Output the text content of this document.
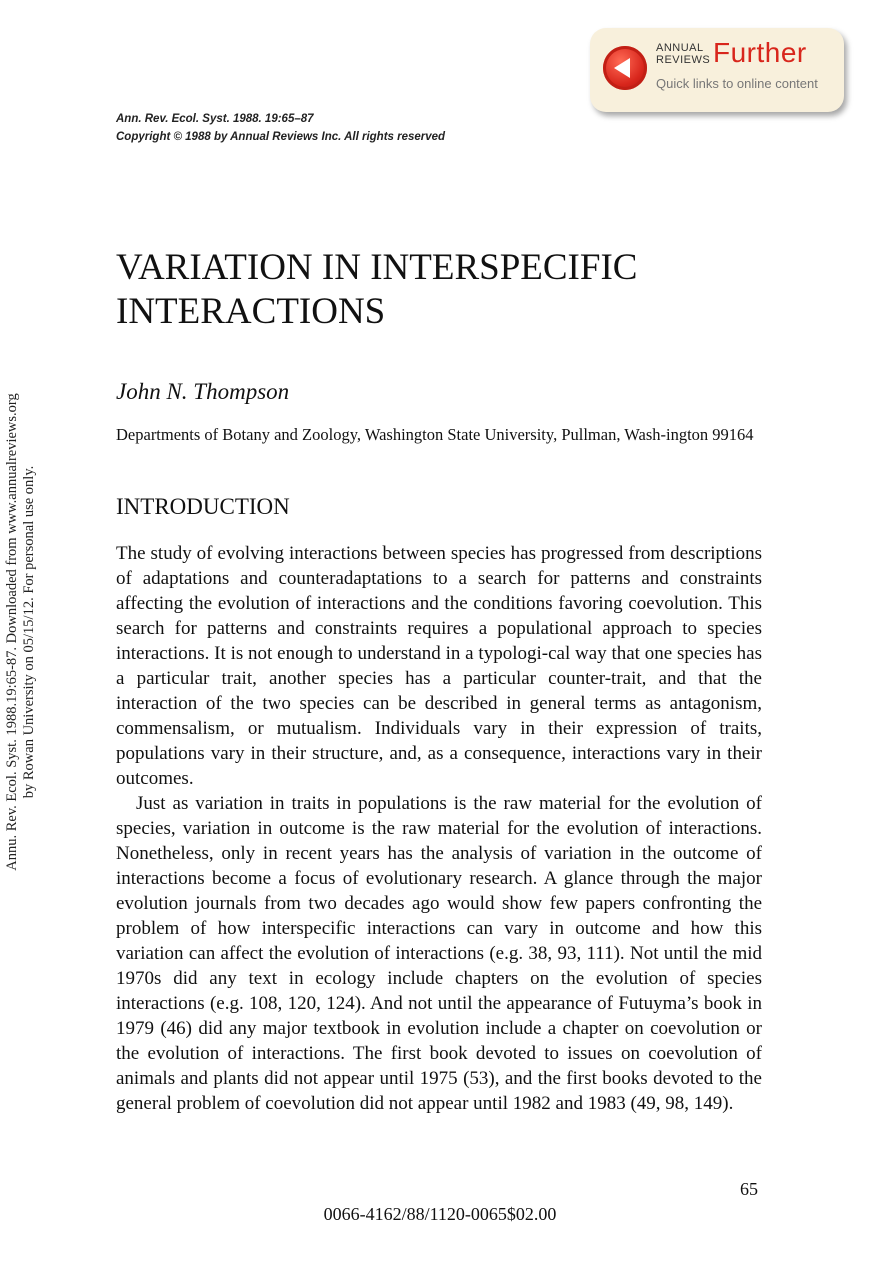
ANNUAL
REVIEWS Further
Quick links to online content
Annu. Rev. Ecol. Syst. 1988.19:65-87. Downloaded from www.annualreviews.org by Rowan University on 05/15/12. For personal use only.
Ann. Rev. Ecol. Syst. 1988. 19:65–87
Copyright © 1988 by Annual Reviews Inc. All rights reserved
VARIATION IN INTERSPECIFIC
INTERACTIONS
John N. Thompson
Departments of Botany and Zoology, Washington State University, Pullman, Wash-ington 99164
INTRODUCTION

The study of evolving interactions between species has progressed from descriptions of adaptations and counteradaptations to a search for patterns and constraints affecting the evolution of interactions and the conditions favoring coevolution. This search for patterns and constraints requires a populational approach to species interactions. It is not enough to understand in a typologi-cal way that one species has a particular trait, another species has a particular counter-trait, and that the interaction of the two species can be described in general terms as antagonism, commensalism, or mutualism. Individuals vary in their expression of traits, populations vary in their structure, and, as a consequence, interactions vary in their outcomes.

Just as variation in traits in populations is the raw material for the evolution of species, variation in outcome is the raw material for the evolution of interactions. Nonetheless, only in recent years has the analysis of variation in the outcome of interactions become a focus of evolutionary research. A glance through the major evolution journals from two decades ago would show few papers confronting the problem of how interspecific interactions can vary in outcome and how this variation can affect the evolution of interactions (e.g. 38, 93, 111). Not until the mid 1970s did any text in ecology include chapters on the evolution of species interactions (e.g. 108, 120, 124). And not until the appearance of Futuyma’s book in 1979 (46) did any major textbook in evolution include a chapter on coevolution or the evolution of interactions. The first book devoted to issues on coevolution of animals and plants did not appear until 1975 (53), and the first books devoted to the general problem of coevolution did not appear until 1982 and 1983 (49, 98, 149).

65
0066-4162/88/1120-0065$02.00
